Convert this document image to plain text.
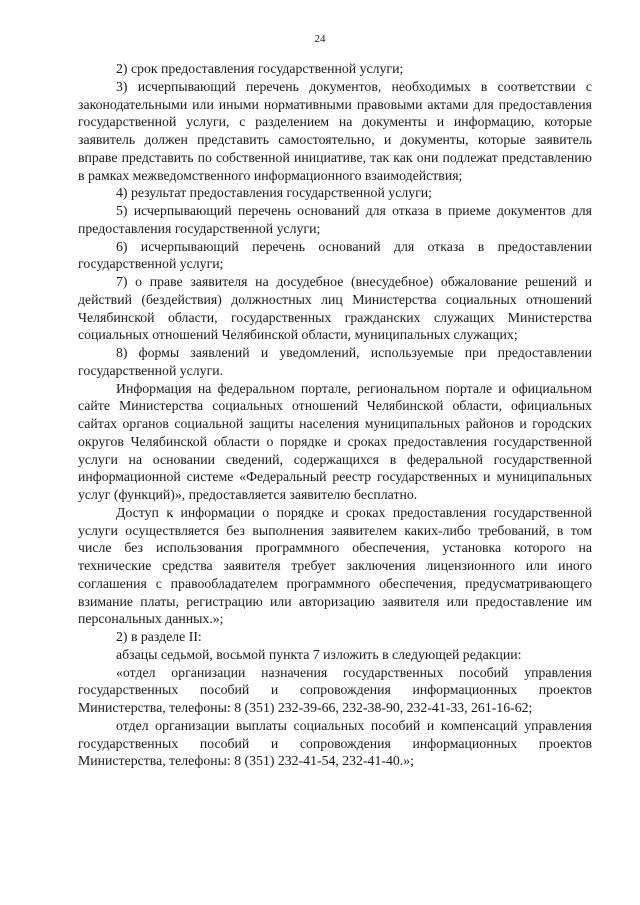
24

2) срок предоставления государственной услуги;

3) исчерпывающий перечень документов, необходимых в соответствии с законодательными или иными нормативными правовыми актами для предоставления государственной услуги, с разделением на документы и информацию, которые заявитель должен представить самостоятельно, и документы, которые заявитель вправе представить по собственной инициативе, так как они подлежат представлению в рамках межведомственного информационного взаимодействия;

4) результат предоставления государственной услуги;

5) исчерпывающий перечень оснований для отказа в приеме документов для предоставления государственной услуги;

6) исчерпывающий перечень оснований для отказа в предоставлении государственной услуги;

7) о праве заявителя на досудебное (внесудебное) обжалование решений и действий (бездействия) должностных лиц Министерства социальных отношений Челябинской области, государственных гражданских служащих Министерства социальных отношений Челябинской области, муниципальных служащих;

8) формы заявлений и уведомлений, используемые при предоставлении государственной услуги.

Информация на федеральном портале, региональном портале и официальном сайте Министерства социальных отношений Челябинской области, официальных сайтах органов социальной защиты населения муниципальных районов и городских округов Челябинской области о порядке и сроках предоставления государственной услуги на основании сведений, содержащихся в федеральной государственной информационной системе «Федеральный реестр государственных и муниципальных услуг (функций)», предоставляется заявителю бесплатно.

Доступ к информации о порядке и сроках предоставления государственной услуги осуществляется без выполнения заявителем каких-либо требований, в том числе без использования программного обеспечения, установка которого на технические средства заявителя требует заключения лицензионного или иного соглашения с правообладателем программного обеспечения, предусматривающего взимание платы, регистрацию или авторизацию заявителя или предоставление им персональных данных.»;

2) в разделе II:

абзацы седьмой, восьмой пункта 7 изложить в следующей редакции:

«отдел организации назначения государственных пособий управления государственных пособий и сопровождения информационных проектов Министерства, телефоны: 8 (351) 232-39-66, 232-38-90, 232-41-33, 261-16-62;

отдел организации выплаты социальных пособий и компенсаций управления государственных пособий и сопровождения информационных проектов Министерства, телефоны: 8 (351) 232-41-54, 232-41-40.»;
